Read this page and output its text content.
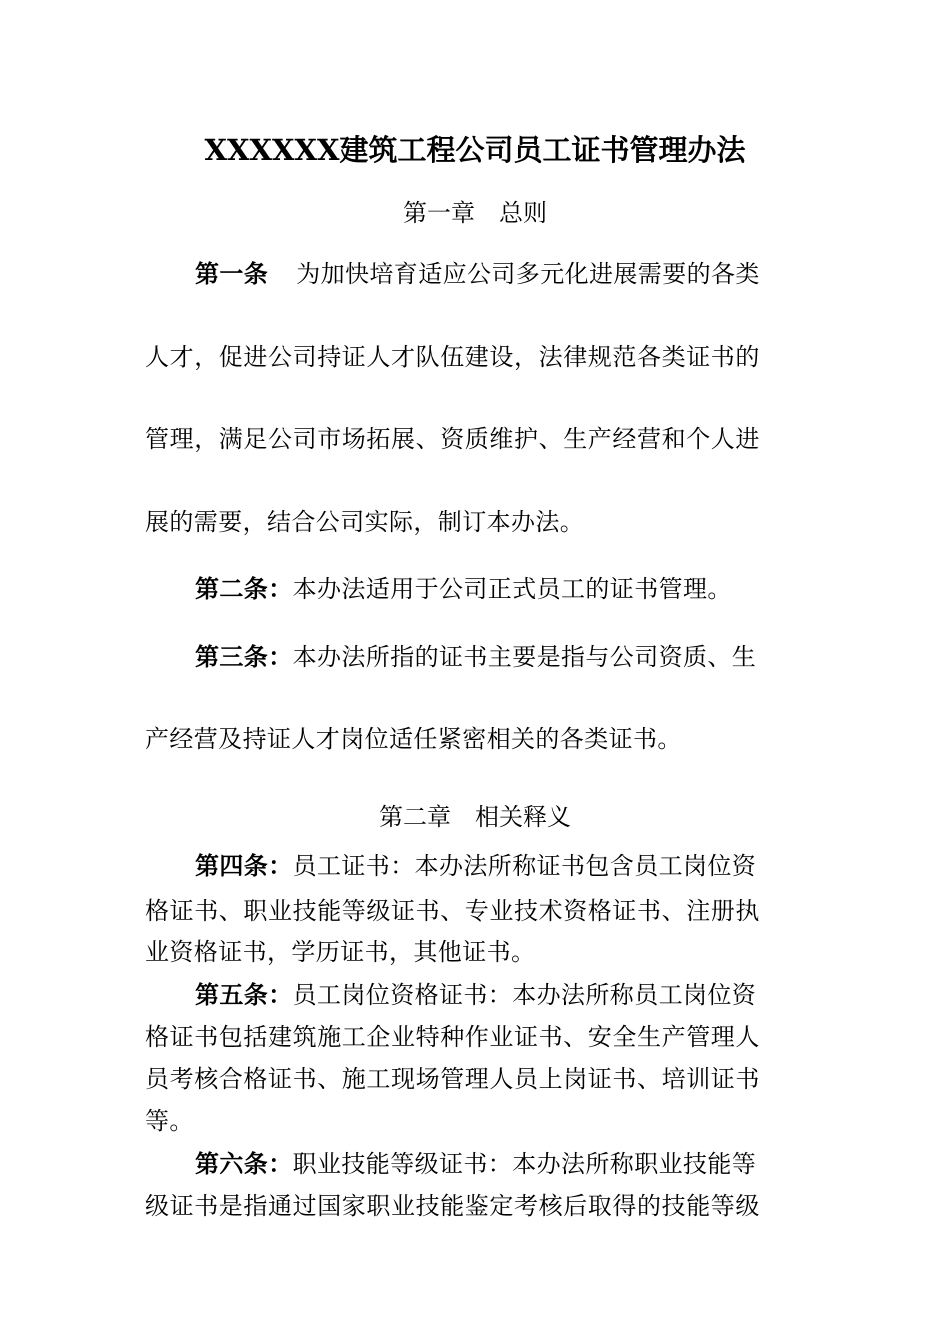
XXXXXX建筑工程公司员工证书管理办法
第一章 总则
第一条 为加快培育适应公司多元化进展需要的各类
人才，促进公司持证人才队伍建设，法律规范各类证书的
管理，满足公司市场拓展、资质维护、生产经营和个人进
展的需要，结合公司实际，制订本办法。
第二条：本办法适用于公司正式员工的证书管理。
第三条：本办法所指的证书主要是指与公司资质、生
产经营及持证人才岗位适任紧密相关的各类证书。
第二章 相关释义
第四条：员工证书：本办法所称证书包含员工岗位资
格证书、职业技能等级证书、专业技术资格证书、注册执
业资格证书，学历证书，其他证书。
第五条：员工岗位资格证书：本办法所称员工岗位资
格证书包括建筑施工企业特种作业证书、安全生产管理人
员考核合格证书、施工现场管理人员上岗证书、培训证书
等。
第六条：职业技能等级证书：本办法所称职业技能等
级证书是指通过国家职业技能鉴定考核后取得的技能等级
